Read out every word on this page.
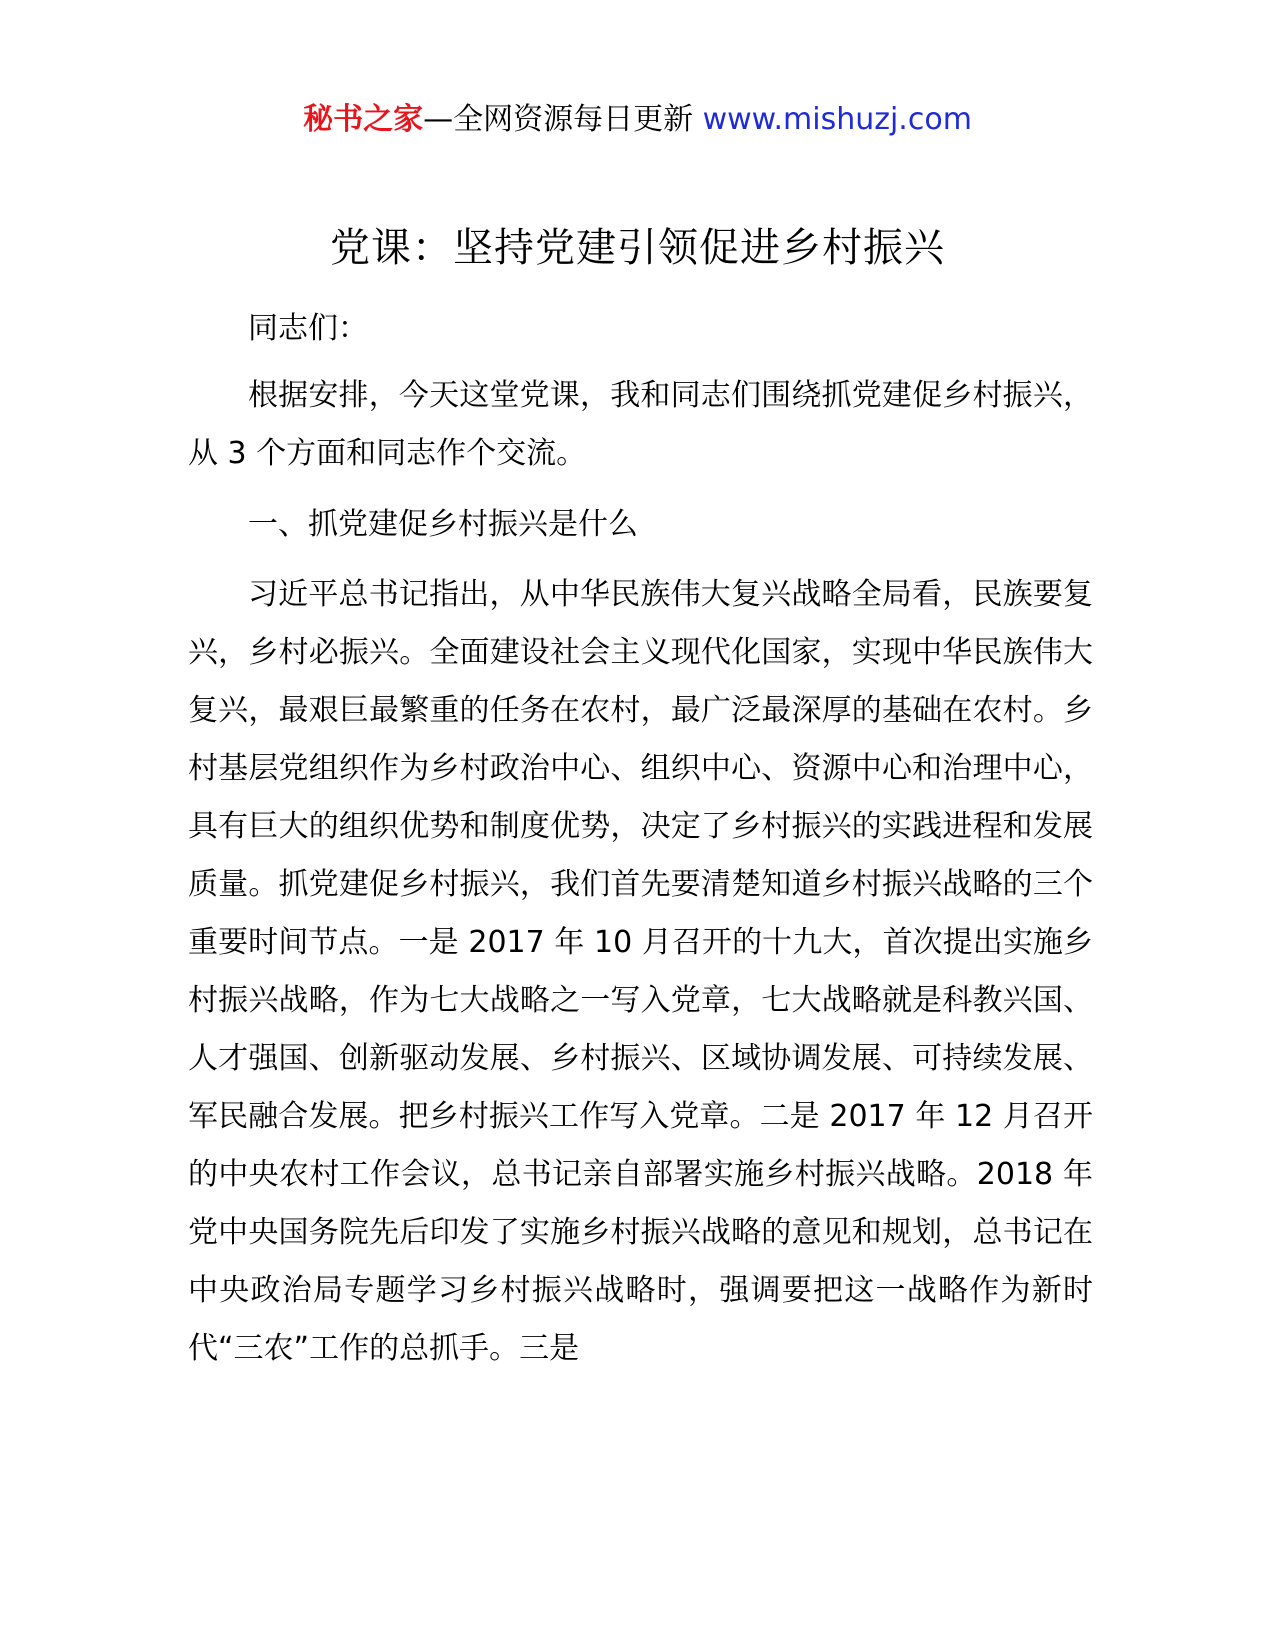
秘书之家—全网资源每日更新 www.mishuzj.com
党课：坚持党建引领促进乡村振兴

同志们：

根据安排，今天这堂党课，我和同志们围绕抓党建促乡村振兴，从 3 个方面和同志作个交流。

一、抓党建促乡村振兴是什么

习近平总书记指出，从中华民族伟大复兴战略全局看，民族要复兴，乡村必振兴。全面建设社会主义现代化国家，实现中华民族伟大复兴，最艰巨最繁重的任务在农村，最广泛最深厚的基础在农村。乡村基层党组织作为乡村政治中心、组织中心、资源中心和治理中心，具有巨大的组织优势和制度优势，决定了乡村振兴的实践进程和发展质量。抓党建促乡村振兴，我们首先要清楚知道乡村振兴战略的三个重要时间节点。一是 2017 年 10 月召开的十九大，首次提出实施乡村振兴战略，作为七大战略之一写入党章，七大战略就是科教兴国、人才强国、创新驱动发展、乡村振兴、区域协调发展、可持续发展、军民融合发展。把乡村振兴工作写入党章。二是 2017 年 12 月召开的中央农村工作会议，总书记亲自部署实施乡村振兴战略。2018 年党中央国务院先后印发了实施乡村振兴战略的意见和规划，总书记在中央政治局专题学习乡村振兴战略时，强调要把这一战略作为新时代“三农”工作的总抓手。三是
